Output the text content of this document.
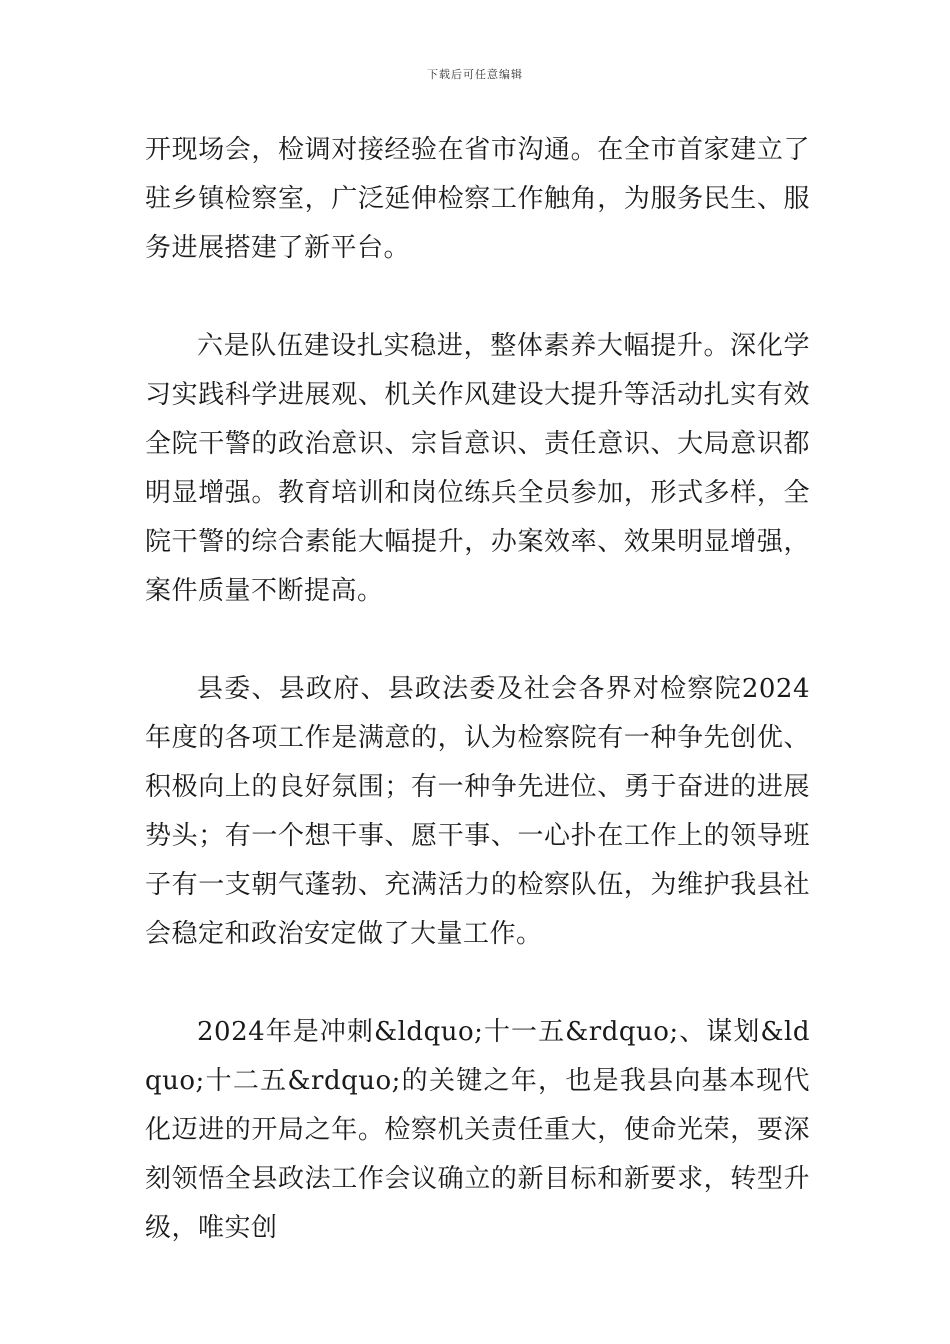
下载后可任意编辑

开现场会，检调对接经验在省市沟通。在全市首家建立了驻乡镇检察室，广泛延伸检察工作触角，为服务民生、服务进展搭建了新平台。

六是队伍建设扎实稳进，整体素养大幅提升。深化学习实践科学进展观、机关作风建设大提升等活动扎实有效全院干警的政治意识、宗旨意识、责任意识、大局意识都明显增强。教育培训和岗位练兵全员参加，形式多样，全院干警的综合素能大幅提升，办案效率、效果明显增强，案件质量不断提高。

县委、县政府、县政法委及社会各界对检察院2024年度的各项工作是满意的，认为检察院有一种争先创优、积极向上的良好氛围；有一种争先进位、勇于奋进的进展势头；有一个想干事、愿干事、一心扑在工作上的领导班子有一支朝气蓬勃、充满活力的检察队伍，为维护我县社会稳定和政治安定做了大量工作。

2024年是冲刺&ldquo;十一五&rdquo;、谋划&ldquo;十二五&rdquo;的关键之年，也是我县向基本现代化迈进的开局之年。检察机关责任重大，使命光荣，要深刻领悟全县政法工作会议确立的新目标和新要求，转型升级，唯实创
